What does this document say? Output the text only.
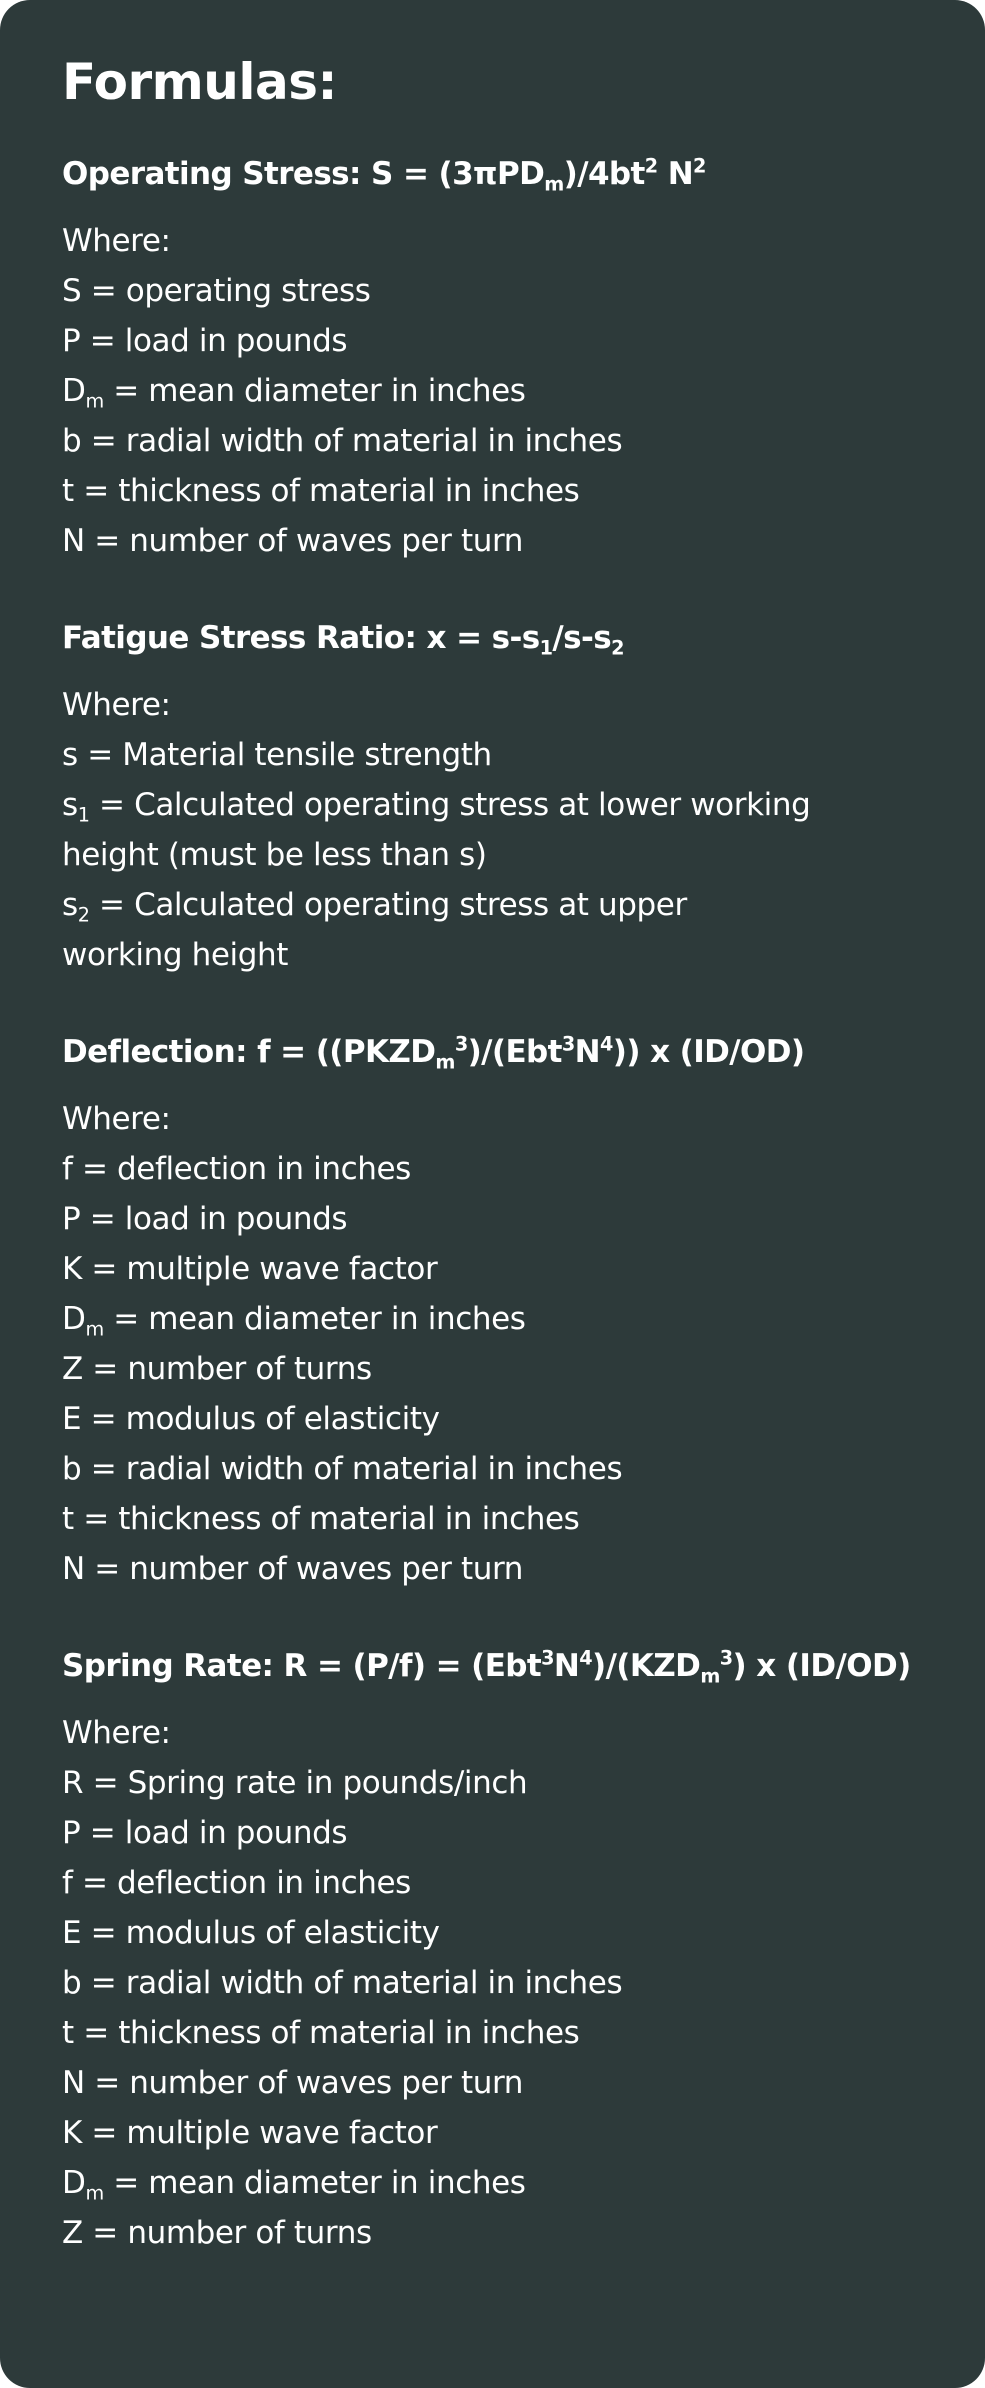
Formulas:
Operating Stress: $S = (3\pi PD_m)/4bt^2$ $N^2$
Where:
S = operating stress
P = load in pounds
$D_m$ = mean diameter in inches
b = radial width of material in inches
t = thickness of material in inches
N = number of waves per turn
Fatigue Stress Ratio: $x = s-s_1/s-s_2$
Where:
s = Material tensile strength
$s_1$ = Calculated operating stress at lower working
height (must be less than s)
$s_2$ = Calculated operating stress at upper
working height
Deflection: $f = ((PKZD_m^3)/(Ebt^3N^4))$ x (ID/OD)
Where:
f = deflection in inches
P = load in pounds
K = multiple wave factor
$D_m$ = mean diameter in inches
Z = number of turns
E = modulus of elasticity
b = radial width of material in inches
t = thickness of material in inches
N = number of waves per turn
Spring Rate: $R = (P/f) = (Ebt^3N^4)/(KZD_m^3)$ x (ID/OD)
Where:
R = Spring rate in pounds/inch
P = load in pounds
f = deflection in inches
E = modulus of elasticity
b = radial width of material in inches
t = thickness of material in inches
N = number of waves per turn
K = multiple wave factor
$D_m$ = mean diameter in inches
Z = number of turns
